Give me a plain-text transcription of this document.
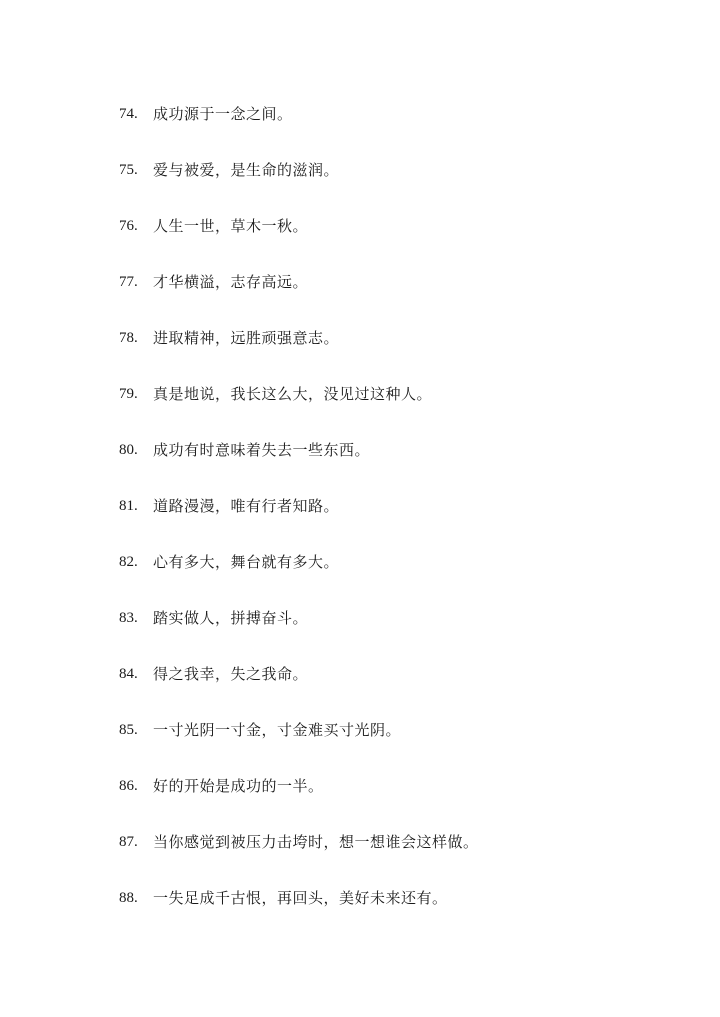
74.	成功源于一念之间。
75.	爱与被爱，是生命的滋润。
76.	人生一世，草木一秋。
77.	才华横溢，志存高远。
78.	进取精神，远胜顽强意志。
79.	真是地说，我长这么大，没见过这种人。
80.	成功有时意味着失去一些东西。
81.	道路漫漫，唯有行者知路。
82.	心有多大，舞台就有多大。
83.	踏实做人，拼搏奋斗。
84.	得之我幸，失之我命。
85.	一寸光阴一寸金，寸金难买寸光阴。
86.	好的开始是成功的一半。
87.	当你感觉到被压力击垮时，想一想谁会这样做。
88.	一失足成千古恨，再回头，美好未来还有。
